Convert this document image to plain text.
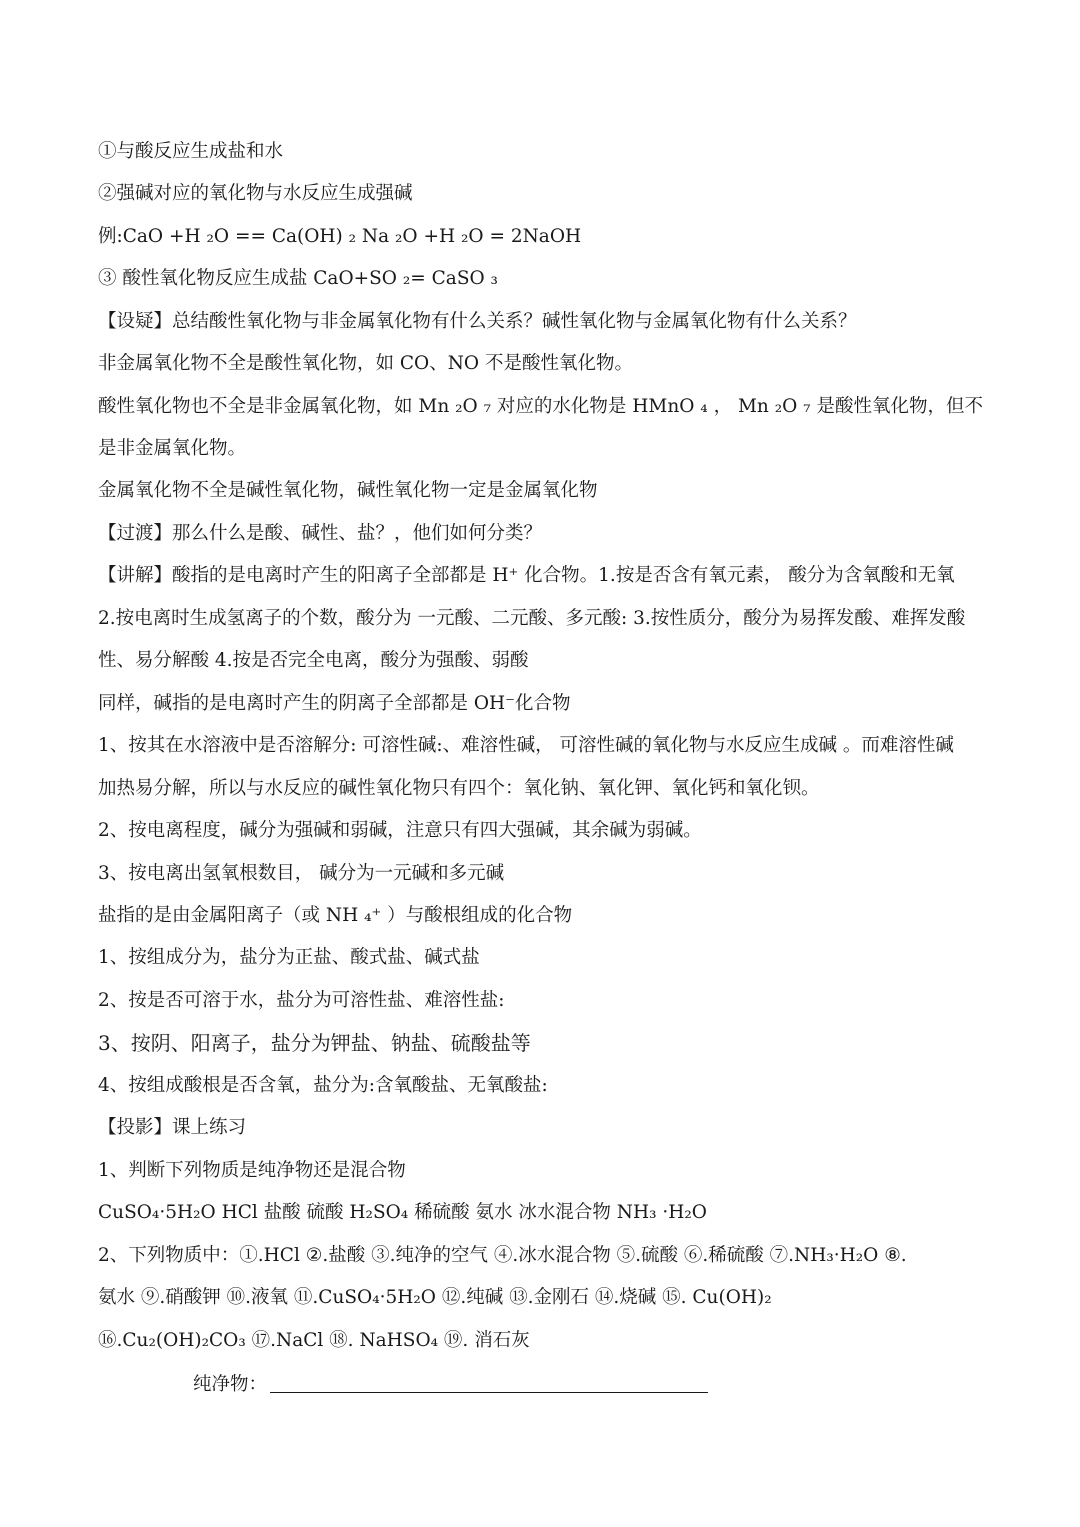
①与酸反应生成盐和水
②强碱对应的氧化物与水反应生成强碱
例:CaO +H ₂O == Ca(OH) ₂ Na ₂O +H ₂O = 2NaOH
③ 酸性氧化物反应生成盐 CaO+SO ₂= CaSO ₃
【设疑】总结酸性氧化物与非金属氧化物有什么关系？碱性氧化物与金属氧化物有什么关系？
非金属氧化物不全是酸性氧化物，如 CO、NO 不是酸性氧化物。
酸性氧化物也不全是非金属氧化物，如 Mn ₂O ₇ 对应的水化物是 HMnO ₄ ， Mn ₂O ₇ 是酸性氧化物，但不
是非金属氧化物。
金属氧化物不全是碱性氧化物，碱性氧化物一定是金属氧化物
【过渡】那么什么是酸、碱性、盐？，他们如何分类？
【讲解】酸指的是电离时产生的阳离子全部都是 H⁺ 化合物。1.按是否含有氧元素， 酸分为含氧酸和无氧
2.按电离时生成氢离子的个数，酸分为 一元酸、二元酸、多元酸: 3.按性质分，酸分为易挥发酸、难挥发酸
性、易分解酸 4.按是否完全电离，酸分为强酸、弱酸
同样，碱指的是电离时产生的阴离子全部都是 OH⁻化合物
1、按其在水溶液中是否溶解分: 可溶性碱:、难溶性碱， 可溶性碱的氧化物与水反应生成碱 。而难溶性碱
加热易分解，所以与水反应的碱性氧化物只有四个：氧化钠、氧化钾、氧化钙和氧化钡。
2、按电离程度，碱分为强碱和弱碱，注意只有四大强碱，其余碱为弱碱。
3、按电离出氢氧根数目， 碱分为一元碱和多元碱
盐指的是由金属阳离子（或 NH ₄⁺ ）与酸根组成的化合物
1、按组成分为，盐分为正盐、酸式盐、碱式盐
2、按是否可溶于水，盐分为可溶性盐、难溶性盐:
3、按阴、阳离子，盐分为钾盐、钠盐、硫酸盐等
4、按组成酸根是否含氧，盐分为:含氧酸盐、无氧酸盐:
【投影】课上练习
1、判断下列物质是纯净物还是混合物
CuSO₄·5H₂O HCl 盐酸 硫酸 H₂SO₄ 稀硫酸 氨水 冰水混合物 NH₃ ·H₂O
2、下列物质中：①.HCl ②.盐酸 ③.纯净的空气 ④.冰水混合物 ⑤.硫酸 ⑥.稀硫酸 ⑦.NH₃·H₂O ⑧.
氨水 ⑨.硝酸钾 ⑩.液氧 ⑪.CuSO₄·5H₂O ⑫.纯碱 ⑬.金刚石 ⑭.烧碱 ⑮. Cu(OH)₂
⑯.Cu₂(OH)₂CO₃ ⑰.NaCl ⑱. NaHSO₄ ⑲. 消石灰
纯净物：
